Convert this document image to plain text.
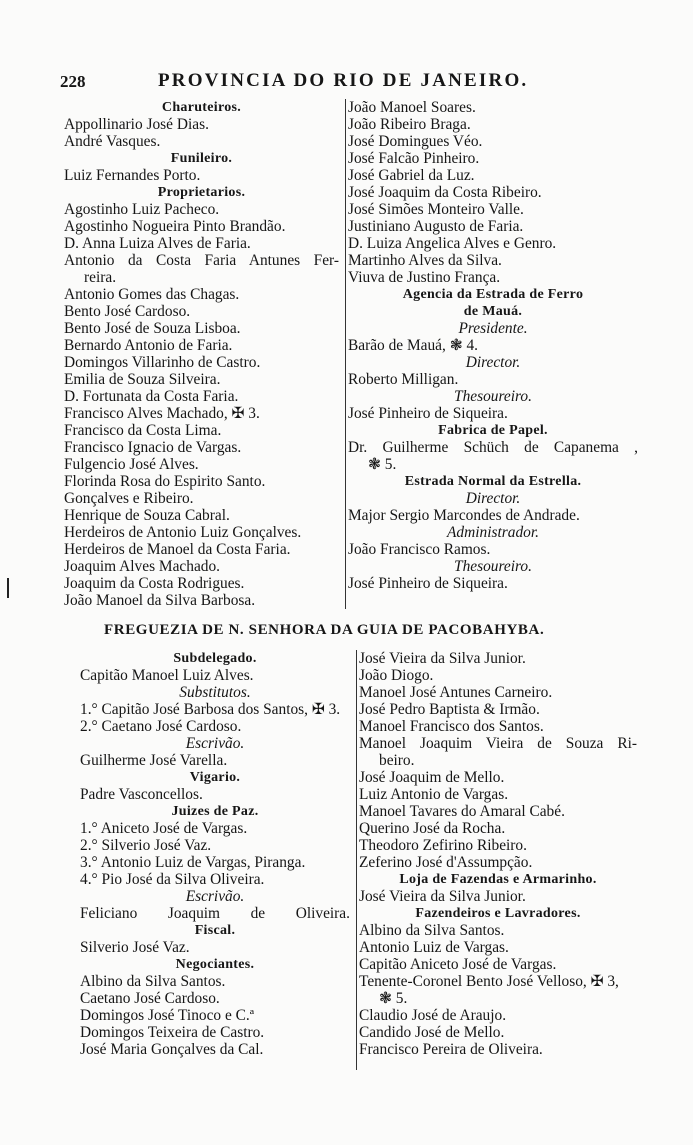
228	PROVINCIA DO RIO DE JANEIRO.
Charuteiros.
Appollinario José Dias.
André Vasques.
Funileiro.
Luiz Fernandes Porto.
Proprietarios.
Agostinho Luiz Pacheco.
Agostinho Nogueira Pinto Brandão.
D. Anna Luiza Alves de Faria.
Antonio da Costa Faria Antunes Fer-
reira.
Antonio Gomes das Chagas.
Bento José Cardoso.
Bento José de Souza Lisboa.
Bernardo Antonio de Faria.
Domingos Villarinho de Castro.
Emilia de Souza Silveira.
D. Fortunata da Costa Faria.
Francisco Alves Machado, ✠ 3.
Francisco da Costa Lima.
Francisco Ignacio de Vargas.
Fulgencio José Alves.
Florinda Rosa do Espirito Santo.
Gonçalves e Ribeiro.
Henrique de Souza Cabral.
Herdeiros de Antonio Luiz Gonçalves.
Herdeiros de Manoel da Costa Faria.
Joaquim Alves Machado.
Joaquim da Costa Rodrigues.
João Manoel da Silva Barbosa.
João Manoel Soares.
João Ribeiro Braga.
José Domingues Véo.
José Falcão Pinheiro.
José Gabriel da Luz.
José Joaquim da Costa Ribeiro.
José Simões Monteiro Valle.
Justiniano Augusto de Faria.
D. Luiza Angelica Alves e Genro.
Martinho Alves da Silva.
Viuva de Justino França.
Agencia da Estrada de Ferro
de Mauá.
Presidente.
Barão de Mauá, ❃ 4.
Director.
Roberto Milligan.
Thesoureiro.
José Pinheiro de Siqueira.
Fabrica de Papel.
Dr. Guilherme Schüch de Capanema ,
❃ 5.
Estrada Normal da Estrella.
Director.
Major Sergio Marcondes de Andrade.
Administrador.
João Francisco Ramos.
Thesoureiro.
José Pinheiro de Siqueira.
FREGUEZIA DE N. SENHORA DA GUIA DE PACOBAHYBA.
Subdelegado.
Capitão Manoel Luiz Alves.
Substitutos.
1.° Capitão José Barbosa dos Santos, ✠ 3.
2.° Caetano José Cardoso.
Escrivão.
Guilherme José Varella.
Vigario.
Padre Vasconcellos.
Juizes de Paz.
1.° Aniceto José de Vargas.
2.° Silverio José Vaz.
3.° Antonio Luiz de Vargas, Piranga.
4.° Pio José da Silva Oliveira.
Escrivão.
Feliciano Joaquim de Oliveira.
Fiscal.
Silverio José Vaz.
Negociantes.
Albino da Silva Santos.
Caetano José Cardoso.
Domingos José Tinoco e C.ª
Domingos Teixeira de Castro.
José Maria Gonçalves da Cal.
José Vieira da Silva Junior.
João Diogo.
Manoel José Antunes Carneiro.
José Pedro Baptista & Irmão.
Manoel Francisco dos Santos.
Manoel Joaquim Vieira de Souza Ri-
beiro.
José Joaquim de Mello.
Luiz Antonio de Vargas.
Manoel Tavares do Amaral Cabé.
Querino José da Rocha.
Theodoro Zefirino Ribeiro.
Zeferino José d'Assumpção.
Loja de Fazendas e Armarinho.
José Vieira da Silva Junior.
Fazendeiros e Lavradores.
Albino da Silva Santos.
Antonio Luiz de Vargas.
Capitão Aniceto José de Vargas.
Tenente-Coronel Bento José Velloso, ✠ 3,
❃ 5.
Claudio José de Araujo.
Candido José de Mello.
Francisco Pereira de Oliveira.
